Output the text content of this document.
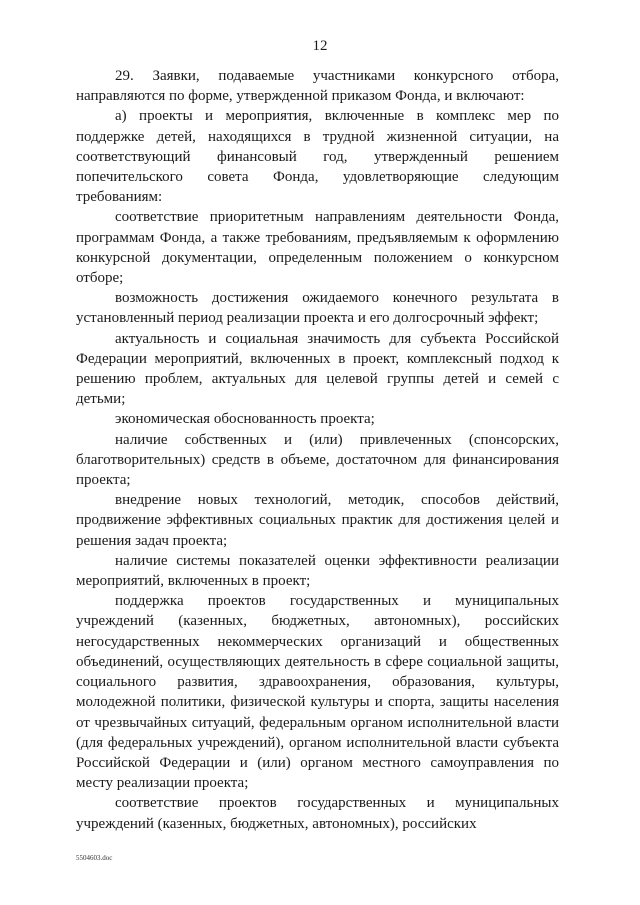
12

29. Заявки, подаваемые участниками конкурсного отбора, направляются по форме, утвержденной приказом Фонда, и включают:

а) проекты и мероприятия, включенные в комплекс мер по поддержке детей, находящихся в трудной жизненной ситуации, на соответствующий финансовый год, утвержденный решением попечительского совета Фонда, удовлетворяющие следующим требованиям:

соответствие приоритетным направлениям деятельности Фонда, программам Фонда, а также требованиям, предъявляемым к оформлению конкурсной документации, определенным положением о конкурсном отборе;

возможность достижения ожидаемого конечного результата в установленный период реализации проекта и его долгосрочный эффект;

актуальность и социальная значимость для субъекта Российской Федерации мероприятий, включенных в проект, комплексный подход к решению проблем, актуальных для целевой группы детей и семей с детьми;

экономическая обоснованность проекта;

наличие собственных и (или) привлеченных (спонсорских, благотворительных) средств в объеме, достаточном для финансирования проекта;

внедрение новых технологий, методик, способов действий, продвижение эффективных социальных практик для достижения целей и решения задач проекта;

наличие системы показателей оценки эффективности реализации мероприятий, включенных в проект;

поддержка проектов государственных и муниципальных учреждений (казенных, бюджетных, автономных), российских негосударственных некоммерческих организаций и общественных объединений, осуществляющих деятельность в сфере социальной защиты, социального развития, здравоохранения, образования, культуры, молодежной политики, физической культуры и спорта, защиты населения от чрезвычайных ситуаций, федеральным органом исполнительной власти (для федеральных учреждений), органом исполнительной власти субъекта Российской Федерации и (или) органом местного самоуправления по месту реализации проекта;

соответствие проектов государственных и муниципальных учреждений (казенных, бюджетных, автономных), российских

5504603.doc
